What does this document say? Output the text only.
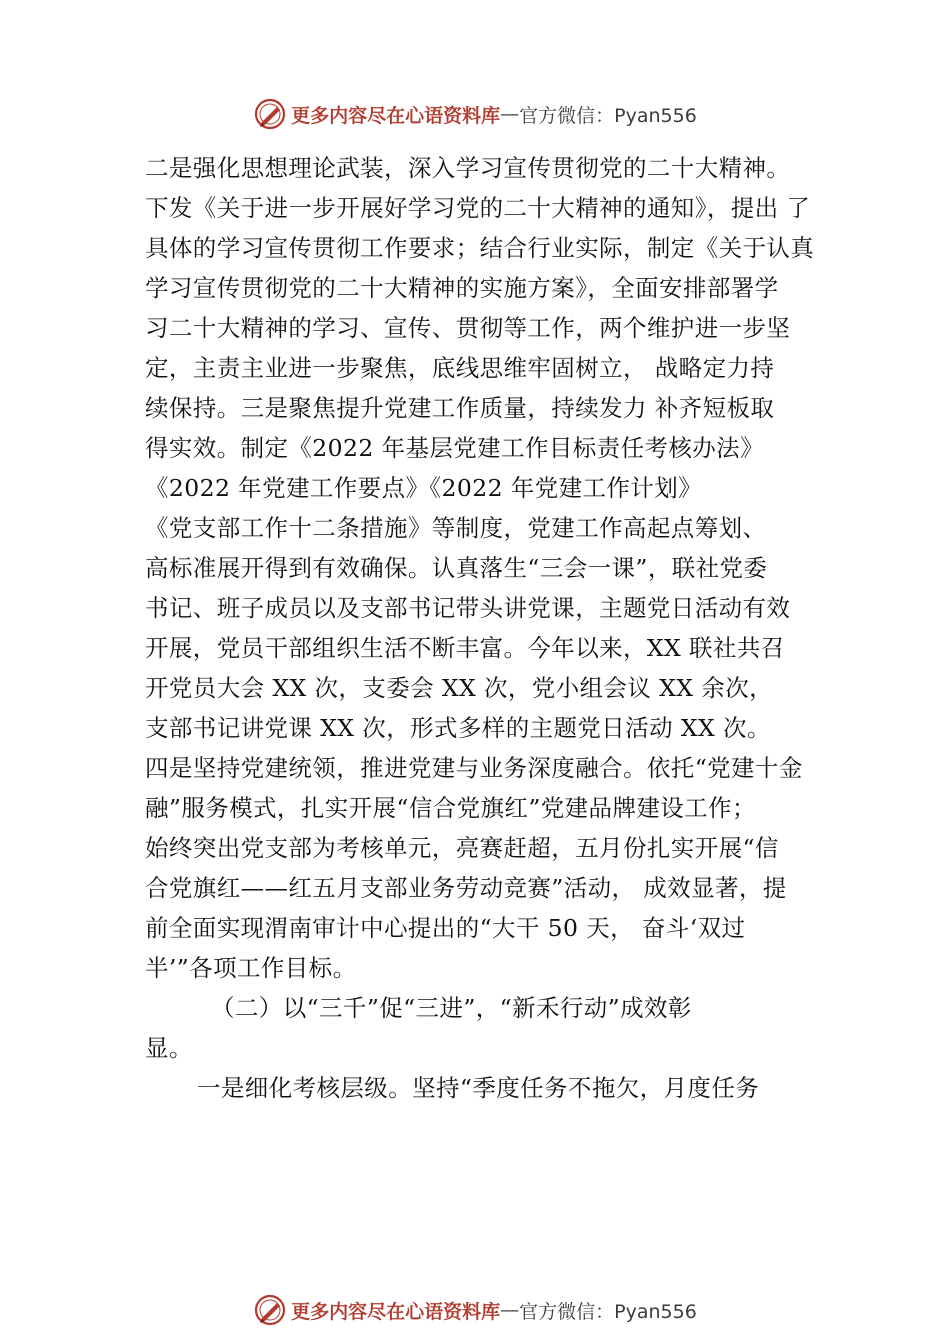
更多内容尽在心语资料库 — 官方微信：Pyan556
二是强化思想理论武装，深入学习宣传贯彻党的二十大精神。
下发《关于进一步开展好学习党的二十大精神的通知》，提出 了
具体的学习宣传贯彻工作要求；结合行业实际，制定《关于认真
学习宣传贯彻党的二十大精神的实施方案》，全面安排部署学
习二十大精神的学习、宣传、贯彻等工作，两个维护进一步坚
定，主责主业进一步聚焦，底线思维牢固树立， 战略定力持
续保持。三是聚焦提升党建工作质量，持续发力 补齐短板取
得实效。制定《2022 年基层党建工作目标责任考核办法》
《2022 年党建工作要点》《2022 年党建工作计划》
《党支部工作十二条措施》等制度，党建工作高起点筹划、
高标准展开得到有效确保。认真落生“三会一课”，联社党委
书记、班子成员以及支部书记带头讲党课，主题党日活动有效
开展，党员干部组织生活不断丰富。今年以来，XX 联社共召
开党员大会 XX 次，支委会 XX 次，党小组会议 XX 余次，
支部书记讲党课 XX 次，形式多样的主题党日活动 XX 次。
四是坚持党建统领，推进党建与业务深度融合。依托“党建十金
融”服务模式，扎实开展“信合党旗红”党建品牌建设工作；
始终突出党支部为考核单元，亮赛赶超，五月份扎实开展“信
合党旗红——红五月支部业务劳动竞赛”活动， 成效显著，提
前全面实现渭南审计中心提出的“大干 50 天， 奋斗‘双过
半’”各项工作目标。
（二）以“三千”促“三进”，“新禾行动”成效彰
显。
一是细化考核层级。坚持“季度任务不拖欠，月度任务
更多内容尽在心语资料库 — 官方微信：Pyan556
